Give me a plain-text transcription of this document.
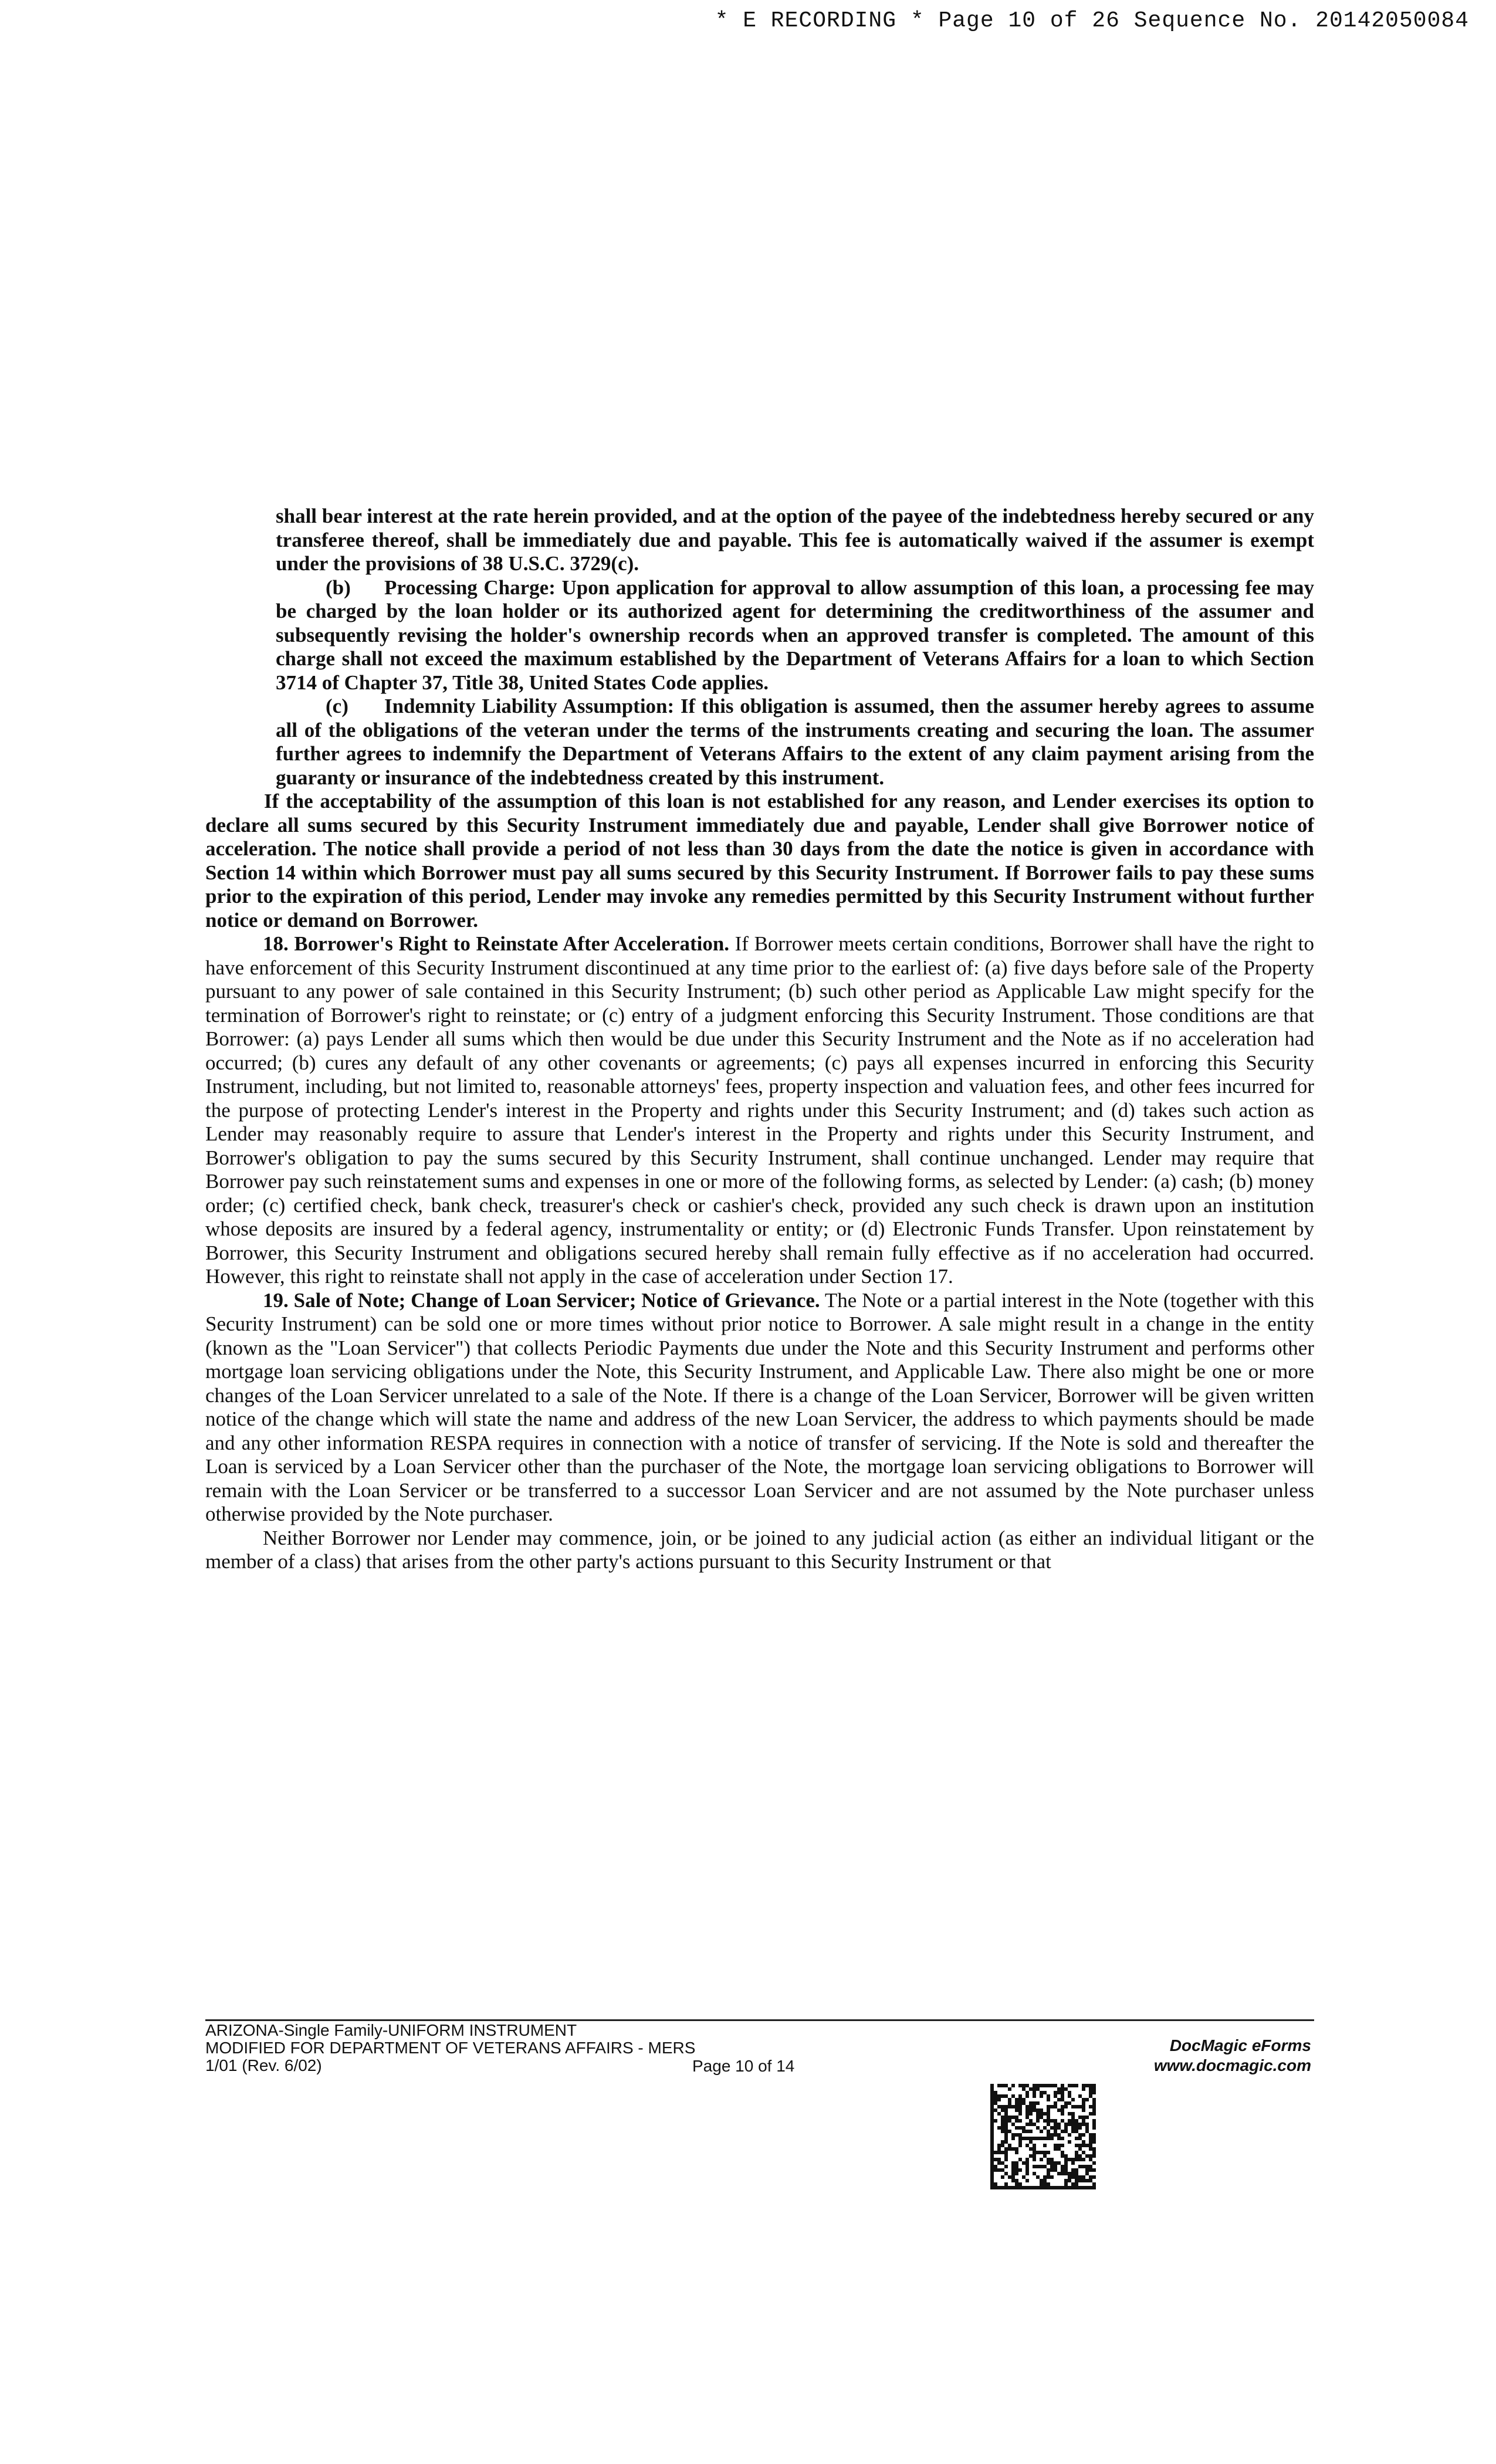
* E RECORDING * Page 10 of 26 Sequence No. 20142050084

shall bear interest at the rate herein provided, and at the option of the payee of the indebtedness hereby secured or any transferee thereof, shall be immediately due and payable. This fee is automatically waived if the assumer is exempt under the provisions of 38 U.S.C. 3729(c).

(b) Processing Charge: Upon application for approval to allow assumption of this loan, a processing fee may be charged by the loan holder or its authorized agent for determining the creditworthiness of the assumer and subsequently revising the holder's ownership records when an approved transfer is completed. The amount of this charge shall not exceed the maximum established by the Department of Veterans Affairs for a loan to which Section 3714 of Chapter 37, Title 38, United States Code applies.

(c) Indemnity Liability Assumption: If this obligation is assumed, then the assumer hereby agrees to assume all of the obligations of the veteran under the terms of the instruments creating and securing the loan. The assumer further agrees to indemnify the Department of Veterans Affairs to the extent of any claim payment arising from the guaranty or insurance of the indebtedness created by this instrument.

If the acceptability of the assumption of this loan is not established for any reason, and Lender exercises its option to declare all sums secured by this Security Instrument immediately due and payable, Lender shall give Borrower notice of acceleration. The notice shall provide a period of not less than 30 days from the date the notice is given in accordance with Section 14 within which Borrower must pay all sums secured by this Security Instrument. If Borrower fails to pay these sums prior to the expiration of this period, Lender may invoke any remedies permitted by this Security Instrument without further notice or demand on Borrower.

18. Borrower's Right to Reinstate After Acceleration. If Borrower meets certain conditions, Borrower shall have the right to have enforcement of this Security Instrument discontinued at any time prior to the earliest of: (a) five days before sale of the Property pursuant to any power of sale contained in this Security Instrument; (b) such other period as Applicable Law might specify for the termination of Borrower's right to reinstate; or (c) entry of a judgment enforcing this Security Instrument. Those conditions are that Borrower: (a) pays Lender all sums which then would be due under this Security Instrument and the Note as if no acceleration had occurred; (b) cures any default of any other covenants or agreements; (c) pays all expenses incurred in enforcing this Security Instrument, including, but not limited to, reasonable attorneys' fees, property inspection and valuation fees, and other fees incurred for the purpose of protecting Lender's interest in the Property and rights under this Security Instrument; and (d) takes such action as Lender may reasonably require to assure that Lender's interest in the Property and rights under this Security Instrument, and Borrower's obligation to pay the sums secured by this Security Instrument, shall continue unchanged. Lender may require that Borrower pay such reinstatement sums and expenses in one or more of the following forms, as selected by Lender: (a) cash; (b) money order; (c) certified check, bank check, treasurer's check or cashier's check, provided any such check is drawn upon an institution whose deposits are insured by a federal agency, instrumentality or entity; or (d) Electronic Funds Transfer. Upon reinstatement by Borrower, this Security Instrument and obligations secured hereby shall remain fully effective as if no acceleration had occurred. However, this right to reinstate shall not apply in the case of acceleration under Section 17.

19. Sale of Note; Change of Loan Servicer; Notice of Grievance. The Note or a partial interest in the Note (together with this Security Instrument) can be sold one or more times without prior notice to Borrower. A sale might result in a change in the entity (known as the "Loan Servicer") that collects Periodic Payments due under the Note and this Security Instrument and performs other mortgage loan servicing obligations under the Note, this Security Instrument, and Applicable Law. There also might be one or more changes of the Loan Servicer unrelated to a sale of the Note. If there is a change of the Loan Servicer, Borrower will be given written notice of the change which will state the name and address of the new Loan Servicer, the address to which payments should be made and any other information RESPA requires in connection with a notice of transfer of servicing. If the Note is sold and thereafter the Loan is serviced by a Loan Servicer other than the purchaser of the Note, the mortgage loan servicing obligations to Borrower will remain with the Loan Servicer or be transferred to a successor Loan Servicer and are not assumed by the Note purchaser unless otherwise provided by the Note purchaser.

Neither Borrower nor Lender may commence, join, or be joined to any judicial action (as either an individual litigant or the member of a class) that arises from the other party's actions pursuant to this Security Instrument or that

ARIZONA-Single Family-UNIFORM INSTRUMENT
MODIFIED FOR DEPARTMENT OF VETERANS AFFAIRS - MERS
1/01 (Rev. 6/02)	Page 10 of 14
DocMagic eForms
www.docmagic.com
